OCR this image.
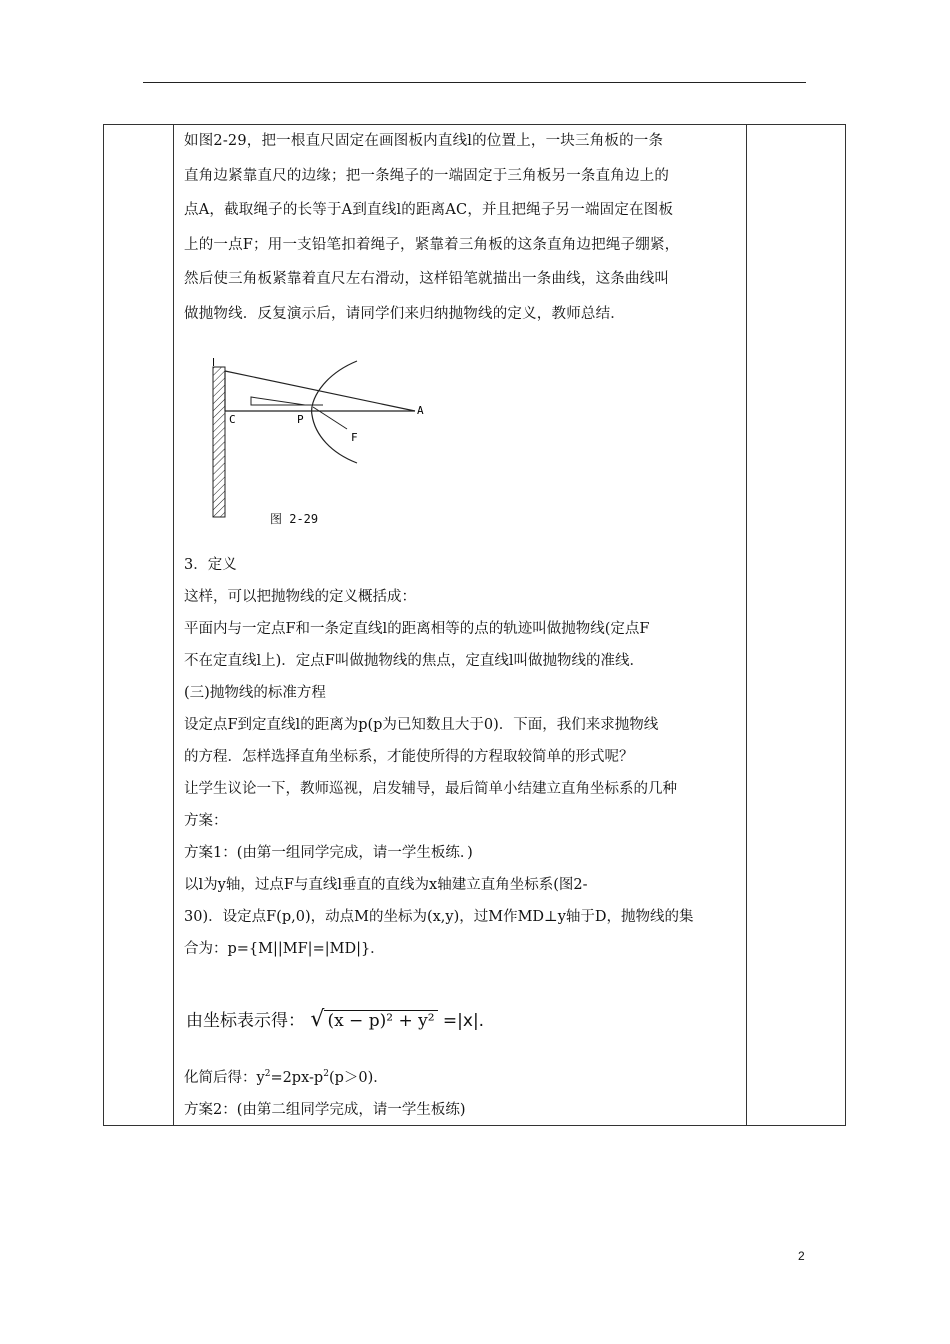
如图2-29，把一根直尺固定在画图板内直线l的位置上，一块三角板的一条
直角边紧靠直尺的边缘；把一条绳子的一端固定于三角板另一条直角边上的
点A，截取绳子的长等于A到直线l的距离AC，并且把绳子另一端固定在图板
上的一点F；用一支铅笔扣着绳子，紧靠着三角板的这条直角边把绳子绷紧，
然后使三角板紧靠着直尺左右滑动，这样铅笔就描出一条曲线，这条曲线叫
做抛物线．反复演示后，请同学们来归纳抛物线的定义，教师总结．
l
C	P
A
F
图 2-29
3．定义
这样，可以把抛物线的定义概括成：
平面内与一定点F和一条定直线l的距离相等的点的轨迹叫做抛物线(定点F
不在定直线l上)．定点F叫做抛物线的焦点，定直线l叫做抛物线的准线．
(三)抛物线的标准方程
设定点F到定直线l的距离为p(p为已知数且大于0)．下面，我们来求抛物线
的方程．怎样选择直角坐标系，才能使所得的方程取较简单的形式呢？
让学生议论一下，教师巡视，启发辅导，最后简单小结建立直角坐标系的几种
方案：
方案1：(由第一组同学完成，请一学生板练．)
以l为y轴，过点F与直线l垂直的直线为x轴建立直角坐标系(图2-
30)．设定点F(p,0)，动点M的坐标为(x,y)，过M作MD⊥y轴于D，抛物线的集
合为：p={M||MF|=|MD|}．
由坐标表示得： √ (x − p)² + y² =|x|.
化简后得：$y^2=2px-p^2(p>0)$．
方案2：(由第二组同学完成，请一学生板练)
2
